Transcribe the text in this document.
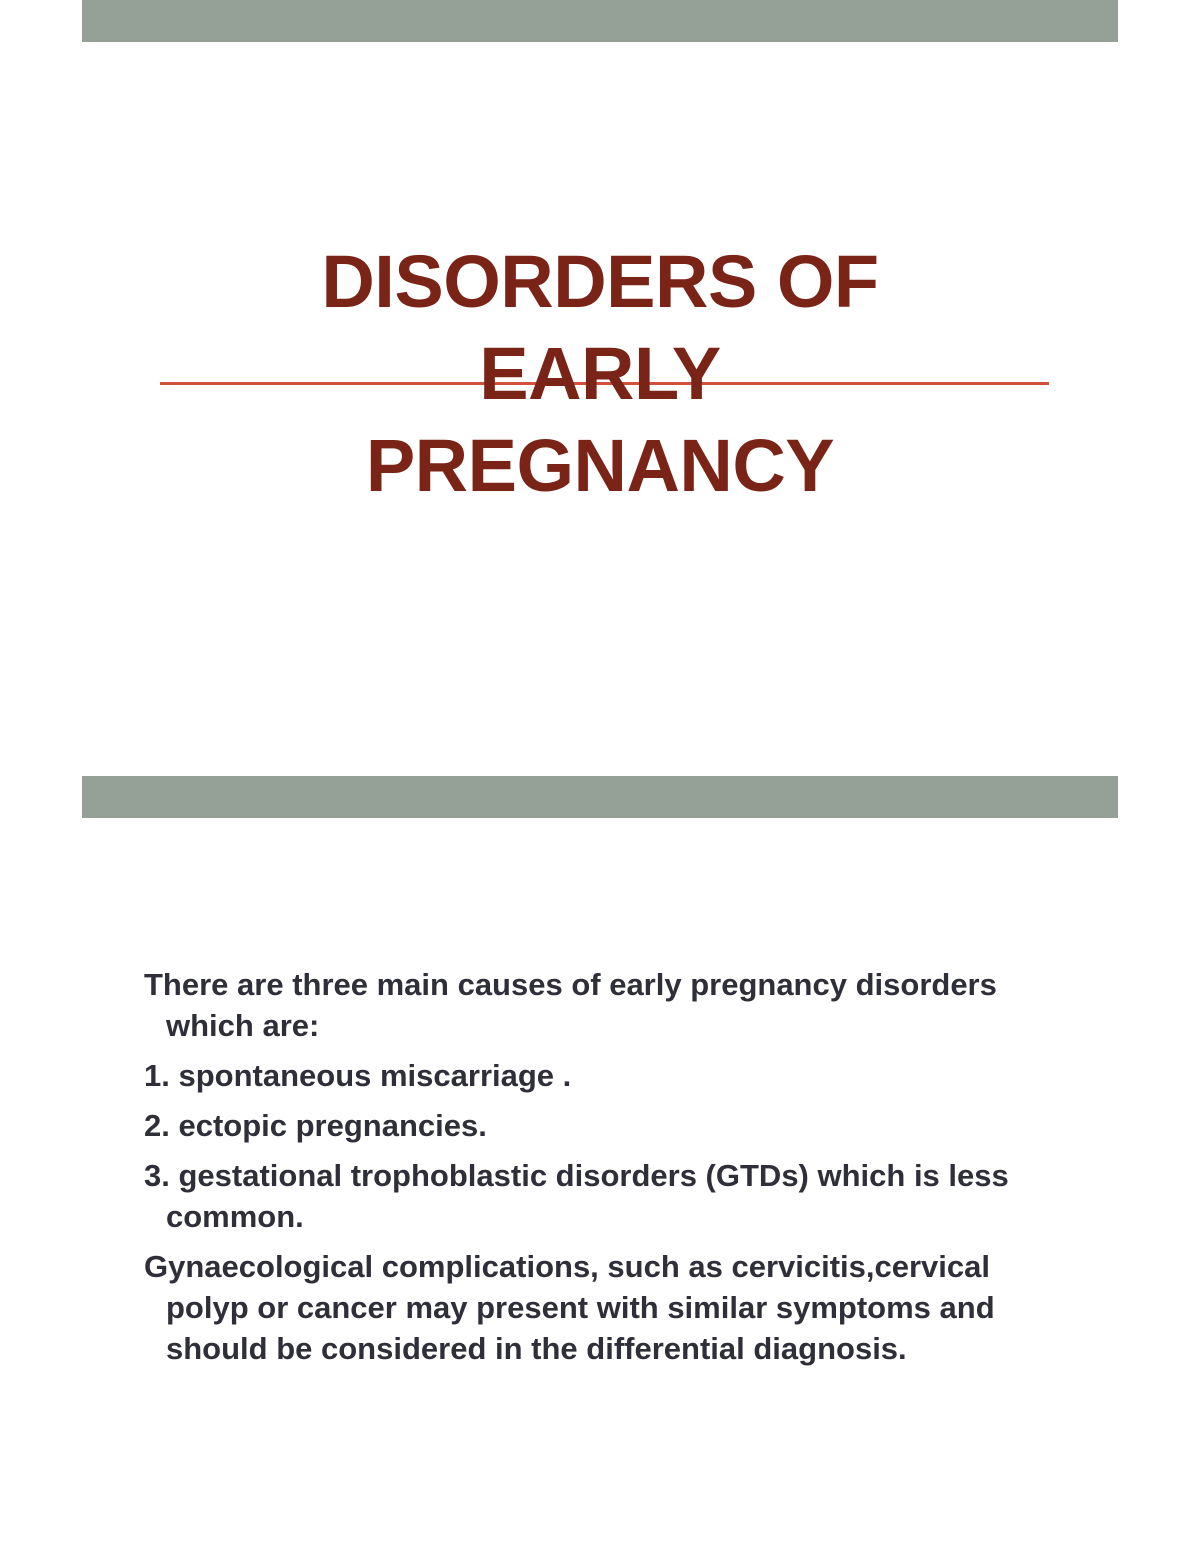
DISORDERS OF
EARLY
PREGNANCY

There are three main causes of early pregnancy disorders which are:

1. spontaneous miscarriage .

2. ectopic pregnancies.

3. gestational trophoblastic disorders (GTDs) which is less common.

Gynaecological complications, such as cervicitis,cervical polyp or cancer may present with similar symptoms and should be considered in the differential diagnosis.
